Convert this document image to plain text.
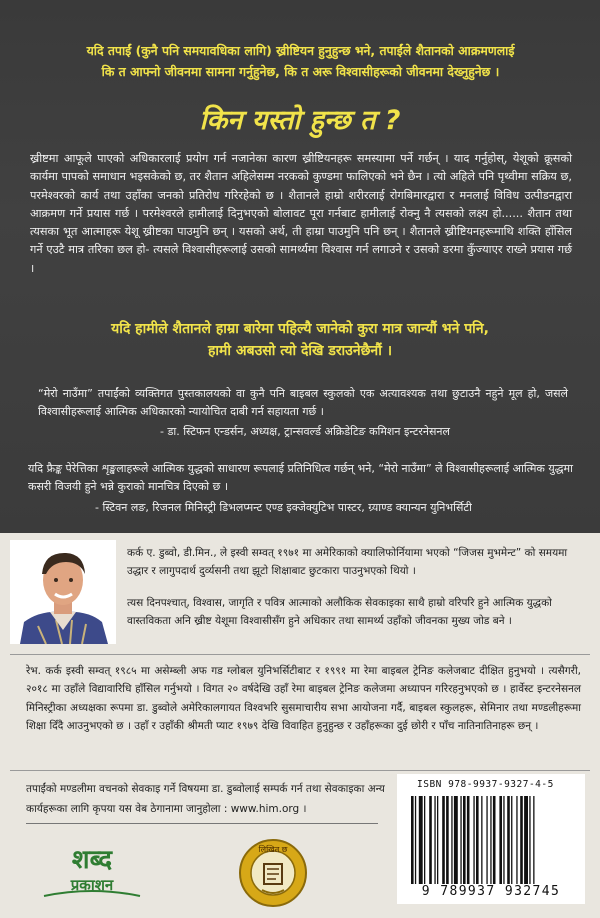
यदि तपाईं (कुनै पनि समयावधिका लागि) ख्रीष्टियन हुनुहुन्छ भने, तपाईंले शैतानको आक्रमणलाई
कि त आफ्नो जीवनमा सामना गर्नुहुनेछ, कि त अरू विश्वासीहरूको जीवनमा देख्नुहुनेछ ।
किन यस्तो हुन्छ त ?
ख्रीष्टमा आफूले पाएको अधिकारलाई प्रयोग गर्न नजानेका कारण ख्रीष्टियनहरू समस्यामा पर्ने गर्छन् । याद गर्नुहोस्, येशूको क्रूसको कार्यमा पापको समाधान भइसकेको छ, तर शैतान अहिलेसम्म नरकको कुण्डमा फालिएको भने छैन । त्यो अहिले पनि पृथ्वीमा सक्रिय छ, परमेश्वरको कार्य तथा उहाँका जनको प्रतिरोध गरिरहेको छ । शैतानले हाम्रो शरीरलाई रोगबिमारद्वारा र मनलाई विविध उत्पीडनद्वारा आक्रमण गर्ने प्रयास गर्छ । परमेश्वरले हामीलाई दिनुभएको बोलावट पूरा गर्नबाट हामीलाई रोक्नु नै त्यसको लक्ष्य हो...... शैतान तथा त्यसका भूत आत्माहरू येशू ख्रीष्टका पाउमुनि छन् । यसको अर्थ, ती हाम्रा पाउमुनि पनि छन् । शैतानले ख्रीष्टियनहरूमाथि शक्ति हाँसिल गर्ने एउटै मात्र तरिका छल हो- त्यसले विश्वासीहरूलाई उसको सामर्थ्यमा विश्वास गर्न लगाउने र उसको डरमा कुँज्याएर राख्ने प्रयास गर्छ ।
यदि हामीले शैतानले हाम्रा बारेमा पहिल्यै जानेको कुरा मात्र जान्यौं भने पनि,
हामी अबउसो त्यो देखि डराउनेछैनौं ।
“मेरो नाउँमा” तपाईंको व्यक्तिगत पुस्तकालयको वा कुनै पनि बाइबल स्कुलको एक अत्यावश्यक तथा छुटाउनै नहुने मूल हो, जसले विश्वासीहरूलाई आत्मिक अधिकारको न्यायोचित दाबी गर्न सहायता गर्छ ।
- डा. स्टिफन एन्डर्सन, अध्यक्ष, ट्रान्सवर्ल्ड अक्रिडेटिङ कमिशन इन्टरनेसनल
यदि फ्रैङ्क पेरेत्तिका शृङ्खलाहरूले आत्मिक युद्धको साधारण रूपलाई प्रतिनिधित्व गर्छन् भने, “मेरो नाउँमा” ले विश्वासीहरूलाई आत्मिक युद्धमा कसरी विजयी हुने भन्ने कुराको मानचित्र दिएको छ ।
- स्टिवन लङ, रिजनल मिनिस्ट्री डिभलप्मन्ट एण्ड इक्जेक्युटिभ पास्टर, ग्र्याण्ड क्यान्यन युनिभर्सिटी
कर्क ए. डुब्वो, डी.मिन., ले इस्वी सम्वत् १९७१ मा अमेरिकाको क्यालिफोर्नियामा भएको “जिजस मुभमेन्ट” को समयमा उद्धार र लागुपदार्थ दुर्व्यसनी तथा झूटो शिक्षाबाट छुटकारा पाउनुभएको थियो ।
त्यस दिनपश्चात्, विश्वास, जागृति र पवित्र आत्माको अलौकिक सेवकाइका साथै हाम्रो वरिपरि हुने आत्मिक युद्धको वास्तविकता अनि ख्रीष्ट येशूमा विश्वासीसँग हुने अधिकार तथा सामर्थ्य उहाँको जीवनका मुख्य जोड बने ।
रेभ. कर्क इस्वी सम्वत् १९८५ मा असेम्ब्ली अफ गड ग्लोबल युनिभर्सिटीबाट र १९९१ मा रेमा बाइबल ट्रेनिङ कलेजबाट दीक्षित हुनुभयो । त्यसैगरी, २०१८ मा उहाँले विद्यावारिधि हाँसिल गर्नुभयो । विगत २० वर्षदेखि उहाँ रेमा बाइबल ट्रेनिङ कलेजमा अध्यापन गरिरहनुभएको छ । हार्वेस्ट इन्टरनेसनल मिनिस्ट्रीका अध्यक्षका रूपमा डा. डुब्वोले अमेरिकालगायत विश्वभरि सुसमाचारीय सभा आयोजना गर्दै, बाइबल स्कुलहरू, सेमिनार तथा मण्डलीहरूमा शिक्षा दिँदै आउनुभएको छ । उहाँ र उहाँकी श्रीमती प्याट १९७९ देखि विवाहित हुनुहुन्छ र उहाँहरूका दुई छोरी र पाँच नातिनातिनाहरू छन् ।
तपाईंको मण्डलीमा वचनको सेवकाइ गर्ने विषयमा डा. डुब्वोलाई सम्पर्क गर्न तथा सेवकाइका अन्य कार्यहरूका लागि कृपया यस वेब ठेगानामा जानुहोला : www.him.org ।
शब्द
प्रकाशन
लिखित छ
ISBN 978-9937-9327-4-5
9 789937 932745
